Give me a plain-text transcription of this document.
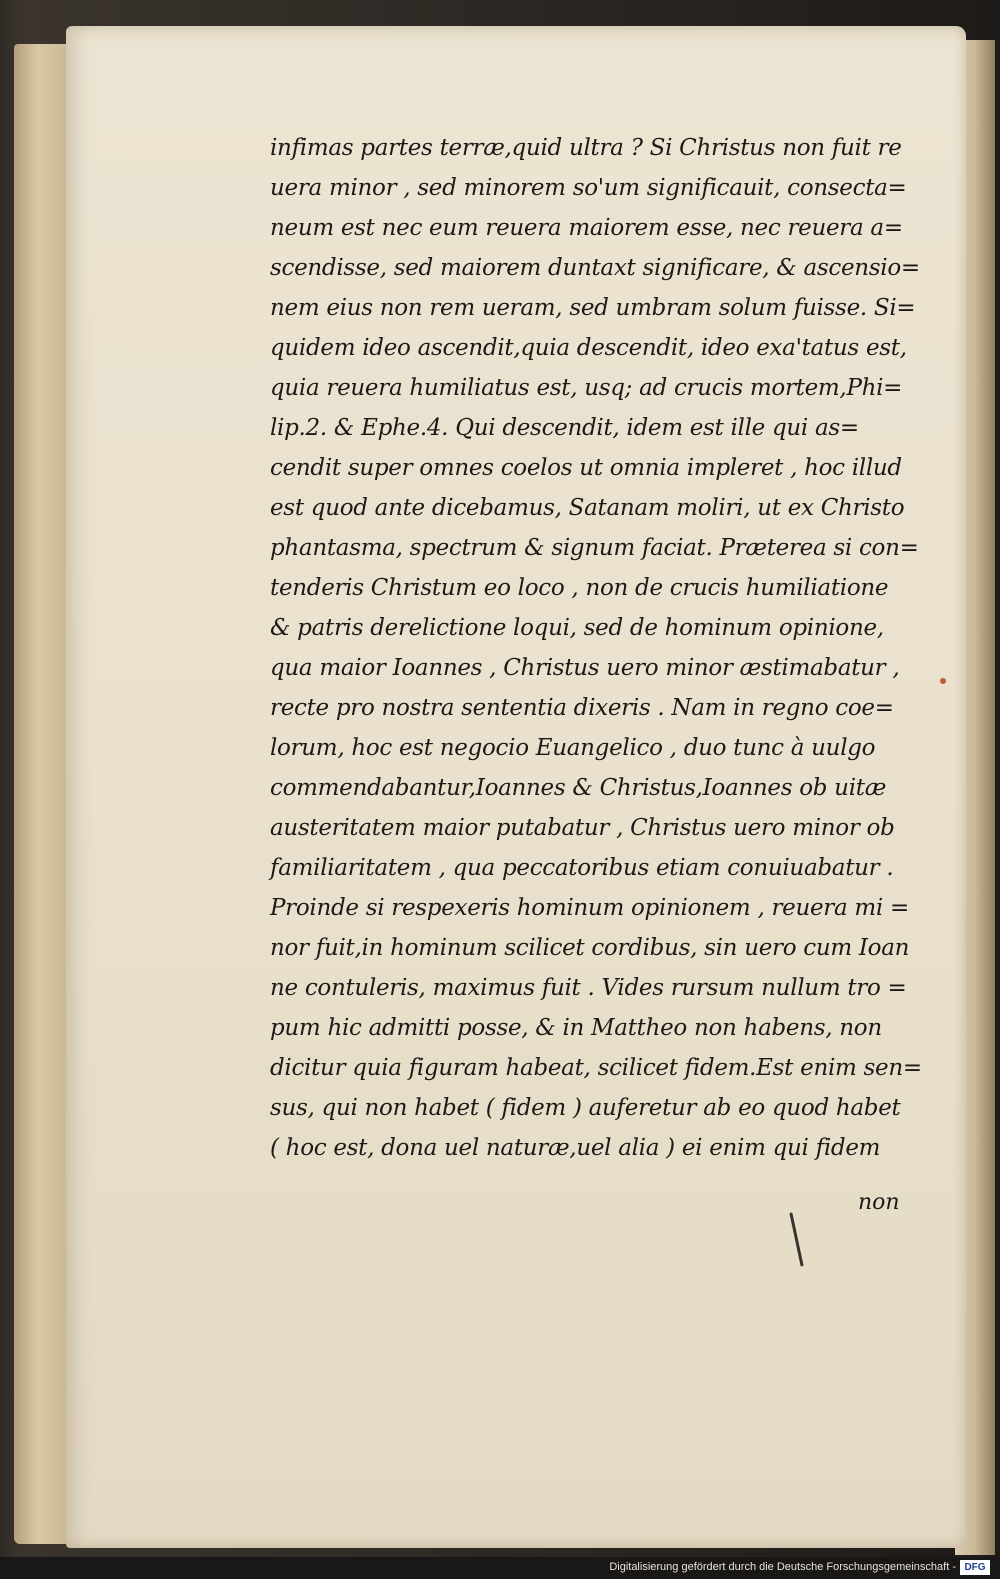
infimas partes terræ,quid ultra ? Si Christus non fuit re
uera minor , sed minorem so'um significauit, consecta=
neum est nec eum reuera maiorem esse, nec reuera a=
scendisse, sed maiorem duntaxt significare, & ascensio=
nem eius non rem ueram, sed umbram solum fuisse. Si=
quidem ideo ascendit,quia descendit, ideo exa'tatus est,
quia reuera humiliatus est, usq; ad crucis mortem,Phi=
lip.2. & Ephe.4. Qui descendit, idem est ille qui as=
cendit super omnes coelos ut omnia impleret , hoc illud
est quod ante dicebamus, Satanam moliri, ut ex Christo
phantasma, spectrum & signum faciat. Præterea si con=
tenderis Christum eo loco , non de crucis humiliatione
& patris derelictione loqui, sed de hominum opinione,
qua maior Ioannes , Christus uero minor æstimabatur ,
recte pro nostra sententia dixeris . Nam in regno coe=
lorum, hoc est negocio Euangelico , duo tunc à uulgo
commendabantur,Ioannes & Christus,Ioannes ob uitæ
austeritatem maior putabatur , Christus uero minor ob
familiaritatem , qua peccatoribus etiam conuiuabatur .
Proinde si respexeris hominum opinionem , reuera mi =
nor fuit,in hominum scilicet cordibus, sin uero cum Ioan
ne contuleris, maximus fuit . Vides rursum nullum tro =
pum hic admitti posse, & in Mattheo non habens, non
dicitur quia figuram habeat, scilicet fidem.Est enim sen=
sus, qui non habet ( fidem ) auferetur ab eo quod habet
( hoc est, dona uel naturæ,uel alia ) ei enim qui fidem
non
Digitalisierung gefördert durch die Deutsche Forschungsgemeinschaft - DFG
